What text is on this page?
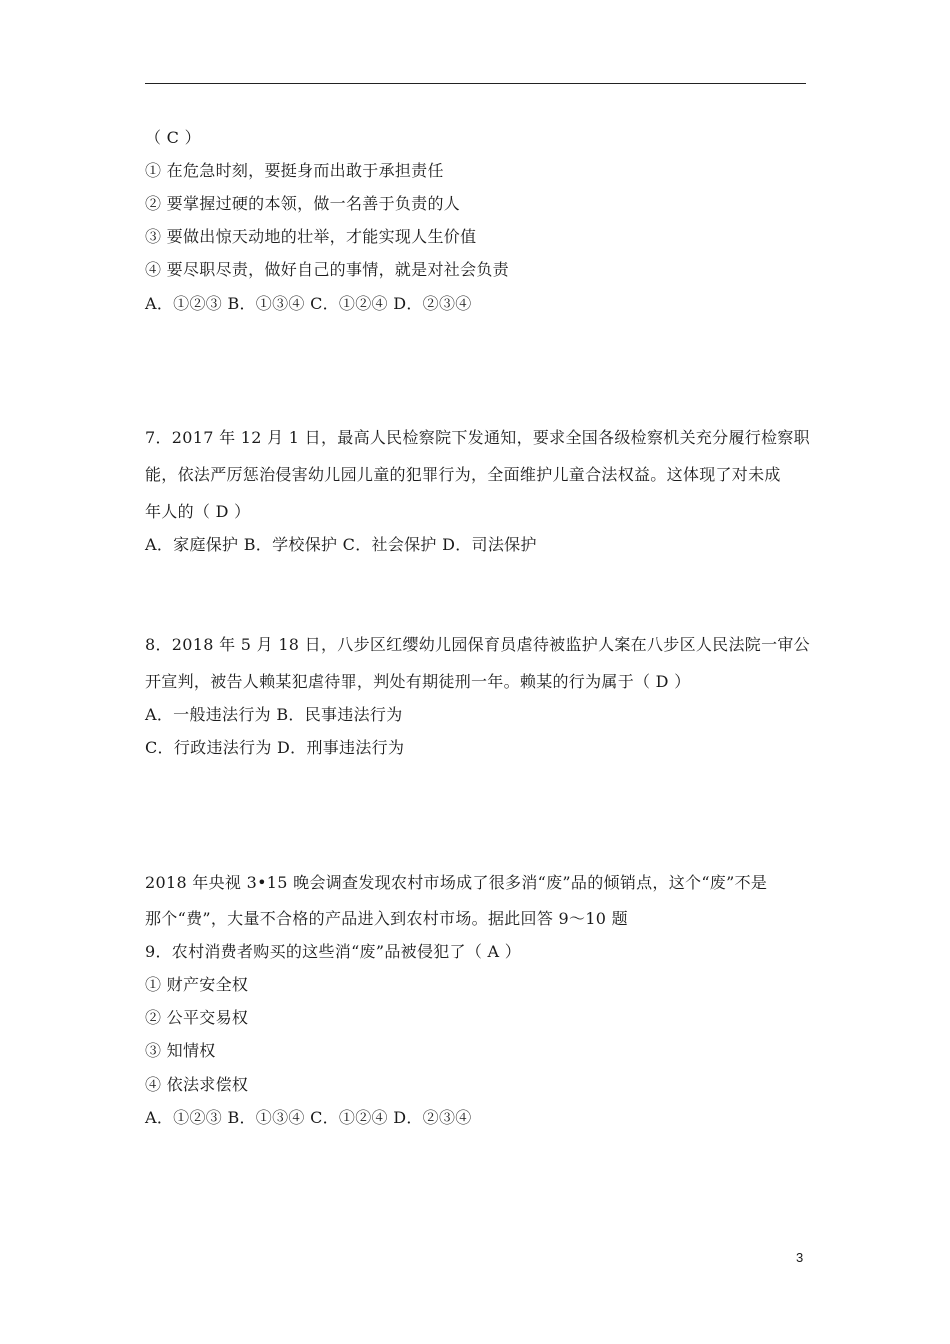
（ C ）
① 在危急时刻，要挺身而出敢于承担责任
② 要掌握过硬的本领，做一名善于负责的人
③ 要做出惊天动地的壮举，才能实现人生价值
④ 要尽职尽责，做好自己的事情，就是对社会负责
A．①②③ B．①③④ C．①②④ D．②③④
7．2017 年 12 月 1 日，最高人民检察院下发通知，要求全国各级检察机关充分履行检察职
能，依法严厉惩治侵害幼儿园儿童的犯罪行为，全面维护儿童合法权益。这体现了对未成
年人的（ D ）
A．家庭保护 B．学校保护 C．社会保护 D．司法保护
8．2018 年 5 月 18 日，八步区红缨幼儿园保育员虐待被监护人案在八步区人民法院一审公
开宣判，被告人赖某犯虐待罪，判处有期徒刑一年。赖某的行为属于（ D ）
A．一般违法行为 B．民事违法行为
C．行政违法行为 D．刑事违法行为
2018 年央视 3•15 晚会调查发现农村市场成了很多消“废”品的倾销点，这个“废”不是
那个“费”，大量不合格的产品进入到农村市场。据此回答 9～10 题
9．农村消费者购买的这些消“废”品被侵犯了（ A ）
① 财产安全权
② 公平交易权
③ 知情权
④ 依法求偿权
A．①②③ B．①③④ C．①②④ D．②③④
3
